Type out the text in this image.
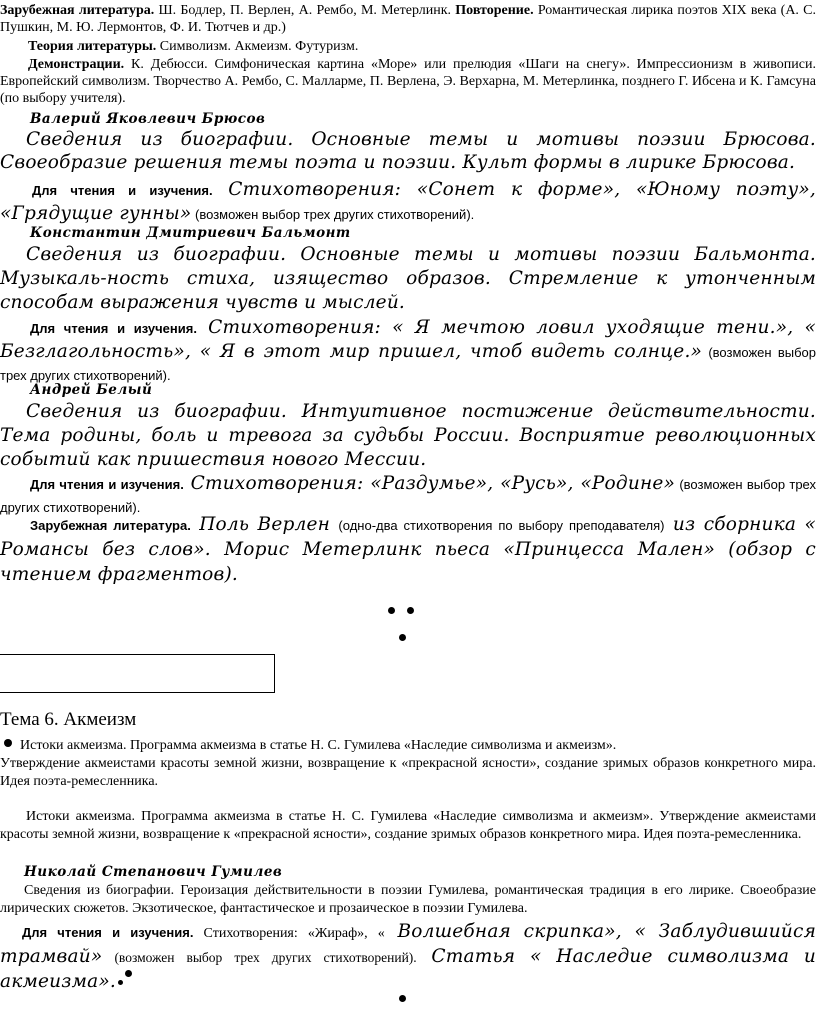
Зарубежная литература. Ш. Бодлер, П. Верлен, А. Рембо, М. Метерлинк. Повторение. Романтическая лирика поэтов XIX века (А. С. Пушкин, М. Ю. Лермонтов, Ф. И. Тютчев и др.)
Теория литературы. Символизм. Акмеизм. Футуризм.
Демонстрации. К. Дебюсси. Симфоническая картина «Море» или прелюдия «Шаги на снегу». Импрессионизм в живописи. Европейский символизм. Творчество А. Рембо, С. Малларме, П. Верлена, Э. Верхарна, М. Метерлинка, позднего Г. Ибсена и К. Гамсуна (по выбору учителя).
Валерий Яковлевич Брюсов
Сведения из биографии. Основные темы и мотивы поэзии Брюсова. Своеобразие решения темы поэта и поэзии. Культ формы в лирике Брюсова.
Для чтения и изучения. Стихотворения: «Сонет к форме», «Юному поэту», «Грядущие гунны» (возможен выбор трех других стихотворений).
Константин Дмитриевич Бальмонт
Сведения из биографии. Основные темы и мотивы поэзии Бальмонта. Музыкаль-ность стиха, изящество образов. Стремление к утонченным способам выражения чувств и мыслей.
Для чтения и изучения. Стихотворения: « Я мечтою ловил уходящие тени.», « Безглагольность», « Я в этот мир пришел, чтоб видеть солнце.» (возможен выбор трех других стихотворений).
Андрей Белый
Сведения из биографии. Интуитивное постижение действительности. Тема родины, боль и тревога за судьбы России. Восприятие революционных событий как пришествия нового Мессии.
Для чтения и изучения. Стихотворения: «Раздумье», «Русь», «Родине» (возможен выбор трех других стихотворений).
Зарубежная литература. Поль Верлен (одно-два стихотворения по выбору преподавателя) из сборника « Романсы без слов». Морис Метерлинк пьеса «Принцесса Мален» (обзор с чтением фрагментов).
Тема 6. Акмеизм
Истоки акмеизма. Программа акмеизма в статье Н. С. Гумилева «Наследие символизма и акмеизм».
Утверждение акмеистами красоты земной жизни, возвращение к «прекрасной ясности», создание зримых образов конкретного мира. Идея поэта-ремесленника.
Истоки акмеизма. Программа акмеизма в статье Н. С. Гумилева «Наследие символизма и акмеизм». Утверждение акмеистами красоты земной жизни, возвращение к «прекрасной ясности», создание зримых образов конкретного мира. Идея поэта-ремесленника.
Николай Степанович Гумилев
Сведения из биографии. Героизация действительности в поэзии Гумилева, романтическая традиция в его лирике. Своеобразие лирических сюжетов. Экзотическое, фантастическое и прозаическое в поэзии Гумилева.
Для чтения и изучения. Стихотворения: «Жираф», « Волшебная скрипка», « Заблудившийся трамвай» (возможен выбор трех других стихотворений). Статья « Наследие символизма и акмеизма».
